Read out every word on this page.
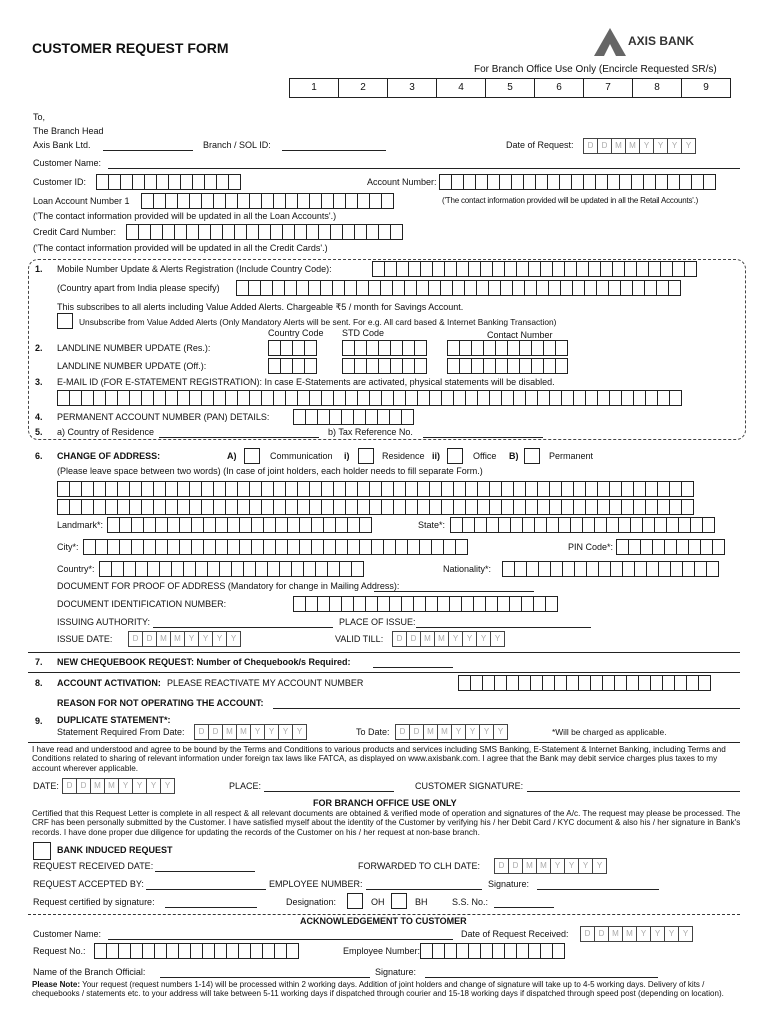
CUSTOMER REQUEST FORM	AXIS BANK
For Branch Office Use Only (Encircle Requested SR/s)
1	2	3	4	5	6	7	8	9
To,
The Branch Head
Axis Bank Ltd.	Branch / SOL ID:	Date of Request:	D	D M M	Y	Y	Y	Y
Customer Name:
Customer ID:	Account Number:
Loan Account Number 1	('The contact information provided will be updated in all the Retail Accounts'.)
('The contact information provided will be updated in all the Loan Accounts'.)
Credit Card Number:
('The contact information provided will be updated in all the Credit Cards'.)
1. Mobile Number Update & Alerts Registration (Include Country Code):
(Country apart from India please specify)
This subscribes to all alerts including Value Added Alerts. Chargeable ₹5 / month for Savings Account.
Unsubscribe from Value Added Alerts (Only Mandatory Alerts will be sent. For e.g. All card based & Internet Banking Transaction)
Country Code STD Code	Contact Number
2. LANDLINE NUMBER UPDATE (Res.):
LANDLINE NUMBER UPDATE (Off.):
3. E-MAIL ID (FOR E-STATEMENT REGISTRATION): In case E-Statements are activated, physical statements will be disabled.
4. PERMANENT ACCOUNT NUMBER (PAN) DETAILS:
5. a) Country of Residence	b) Tax Reference No.
6. CHANGE OF ADDRESS:	A)	Communication i)	Residence ii)	Office B)	Permanent
(Please leave space between two words) (In case of joint holders, each holder needs to fill separate Form.)
Landmark*:	State*:
City*:	PIN Code*:
Country*:	Nationality*:
DOCUMENT FOR PROOF OF ADDRESS (Mandatory for change in Mailing Address):
DOCUMENT IDENTIFICATION NUMBER:
ISSUING AUTHORITY:	PLACE OF ISSUE:
ISSUE DATE:	D	D M M	Y	Y	Y	Y	VALID TILL:	D	D M M	Y	Y	Y	Y
7. NEW CHEQUEBOOK REQUEST: Number of Chequebook/s Required:
8. ACCOUNT ACTIVATION: PLEASE REACTIVATE MY ACCOUNT NUMBER
REASON FOR NOT OPERATING THE ACCOUNT:
9. DUPLICATE STATEMENT*:
Statement Required From Date:	D	D M M	Y	Y	Y	Y	To Date:	D	D M M	Y	Y	Y	Y	*Will be charged as applicable.
I have read and understood and agree to be bound by the Terms and Conditions to various products and services including SMS Banking, E-Statement & Internet Banking, including Terms and Conditions related to sharing of relevant information under foreign tax laws like FATCA, as displayed on www.axisbank.com. I agree that the Bank may debit service charges plus taxes to my account wherever applicable.
DATE: D	D M M	Y	Y	Y	Y	PLACE:	CUSTOMER SIGNATURE:
FOR BRANCH OFFICE USE ONLY
Certified that this Request Letter is complete in all respect & all relevant documents are obtained & verified mode of operation and signatures of the A/c. The request may please be processed. The CRF has been personally submitted by the Customer. I have satisfied myself about the identity of the Customer by verifying his / her Debit Card / KYC document & also his / her signature in Bank's records. I have done proper due diligence for updating the records of the Customer on his / her request at non-base branch.
BANK INDUCED REQUEST
REQUEST RECEIVED DATE:	FORWARDED TO CLH DATE:	D	D M M	Y	Y	Y	Y
REQUEST ACCEPTED BY:	EMPLOYEE NUMBER:	Signature:
Request certified by signature:	Designation:	OH	BH	S.S. No.:
ACKNOWLEDGEMENT TO CUSTOMER
Customer Name:	Date of Request Received:	D	D M M	Y	Y	Y	Y
Request No.:	Employee Number:
Name of the Branch Official:	Signature:
Please Note: Your request (request numbers 1-14) will be processed within 2 working days. Addition of joint holders and change of signature will take up to 4-5 working days. Delivery of kits / chequebooks / statements etc. to your address will take between 5-11 working days if dispatched through courier and 15-18 working days if dispatched through speed post (depending on location).
